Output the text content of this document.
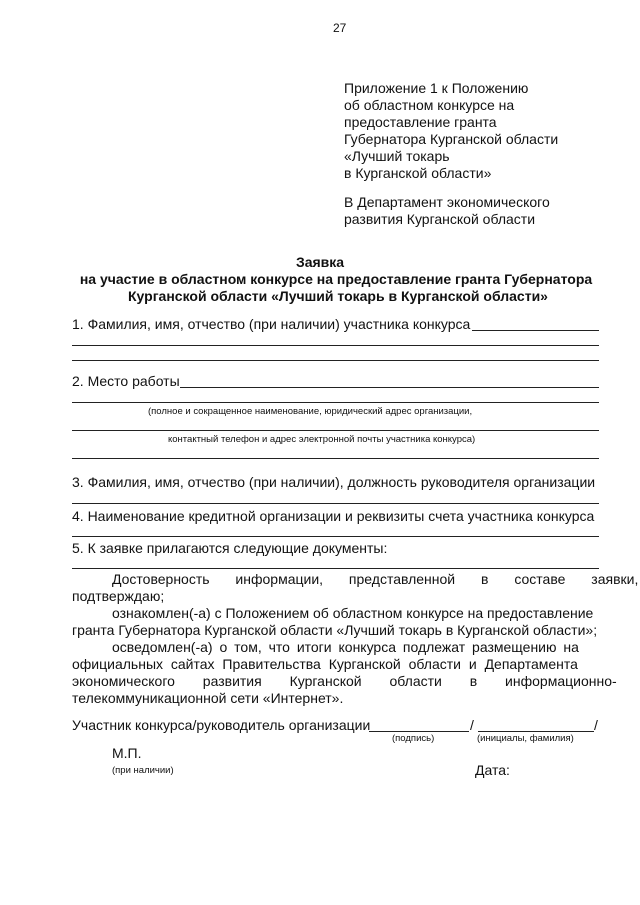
27
Приложение 1 к Положению
об областном конкурсе на
предоставление гранта
Губернатора Курганской области
«Лучший токарь
в Курганской области»
В Департамент экономического
развития Курганской области
Заявка
на участие в областном конкурсе на предоставление гранта Губернатора
Курганской области «Лучший токарь в Курганской области»
1. Фамилия, имя, отчество (при наличии) участника конкурса
2. Место работы
(полное и сокращенное наименование, юридический адрес организации,
контактный телефон и адрес электронной почты участника конкурса)
3. Фамилия, имя, отчество (при наличии), должность руководителя организации
4. Наименование кредитной организации и реквизиты счета участника конкурса
5. К заявке прилагаются следующие документы:
Достоверность информации, представленной в составе заявки,
подтверждаю;
ознакомлен(-а) с Положением об областном конкурсе на предоставление
гранта Губернатора Курганской области «Лучший токарь в Курганской области»;
осведомлен(-а) о том, что итоги конкурса подлежат размещению на
официальных сайтах Правительства Курганской области и Департамента
экономического развития Курганской области в информационно-
телекоммуникационной сети «Интернет».
Участник конкурса/руководитель организации	/	/
(подпись)	(инициалы, фамилия)
М.П.
(при наличии)	Дата:
